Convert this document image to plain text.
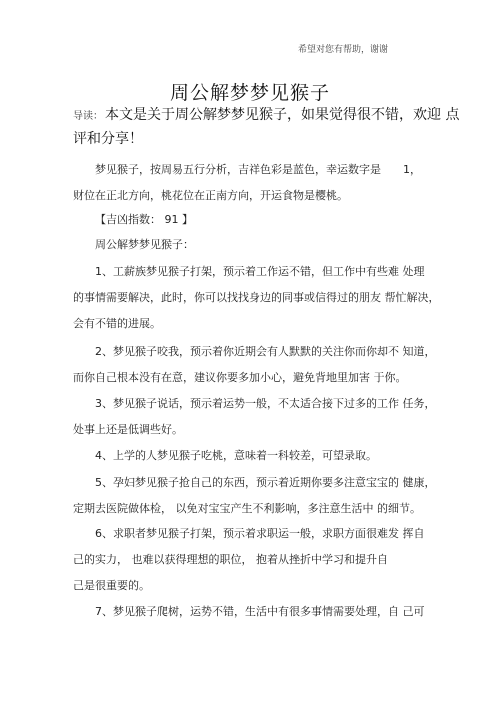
希望对您有帮助，谢谢
周公解梦梦见猴子
导读： 本文是关于周公解梦梦见猴子，如果觉得很不错，欢迎 点
评和分享！
梦见猴子，按周易五行分析，吉祥色彩是蓝色，幸运数字是　　1，
财位在正北方向，桃花位在正南方向，开运食物是樱桃。
【吉凶指数： 91 】
周公解梦梦见猴子：
1、工薪族梦见猴子打架，预示着工作运不错，但工作中有些难 处理
的事情需要解决，此时，你可以找找身边的同事或信得过的朋友 帮忙解决，
会有不错的进展。
2、梦见猴子咬我，预示着你近期会有人默默的关注你而你却不 知道，
而你自己根本没有在意，建议你要多加小心，避免背地里加害 于你。
3、梦见猴子说话，预示着运势一般，不太适合接下过多的工作 任务，
处事上还是低调些好。
4、上学的人梦见猴子吃桃，意味着一科较差，可望录取。
5、孕妇梦见猴子抢自己的东西，预示着近期你要多注意宝宝的 健康，
定期去医院做体检， 以免对宝宝产生不利影响，多注意生活中 的细节。
6、求职者梦见猴子打架，预示着求职运一般，求职方面很难发 挥自
己的实力， 也难以获得理想的职位， 抱着从挫折中学习和提升自
己是很重要的。
7、梦见猴子爬树，运势不错，生活中有很多事情需要处理，自 己可
